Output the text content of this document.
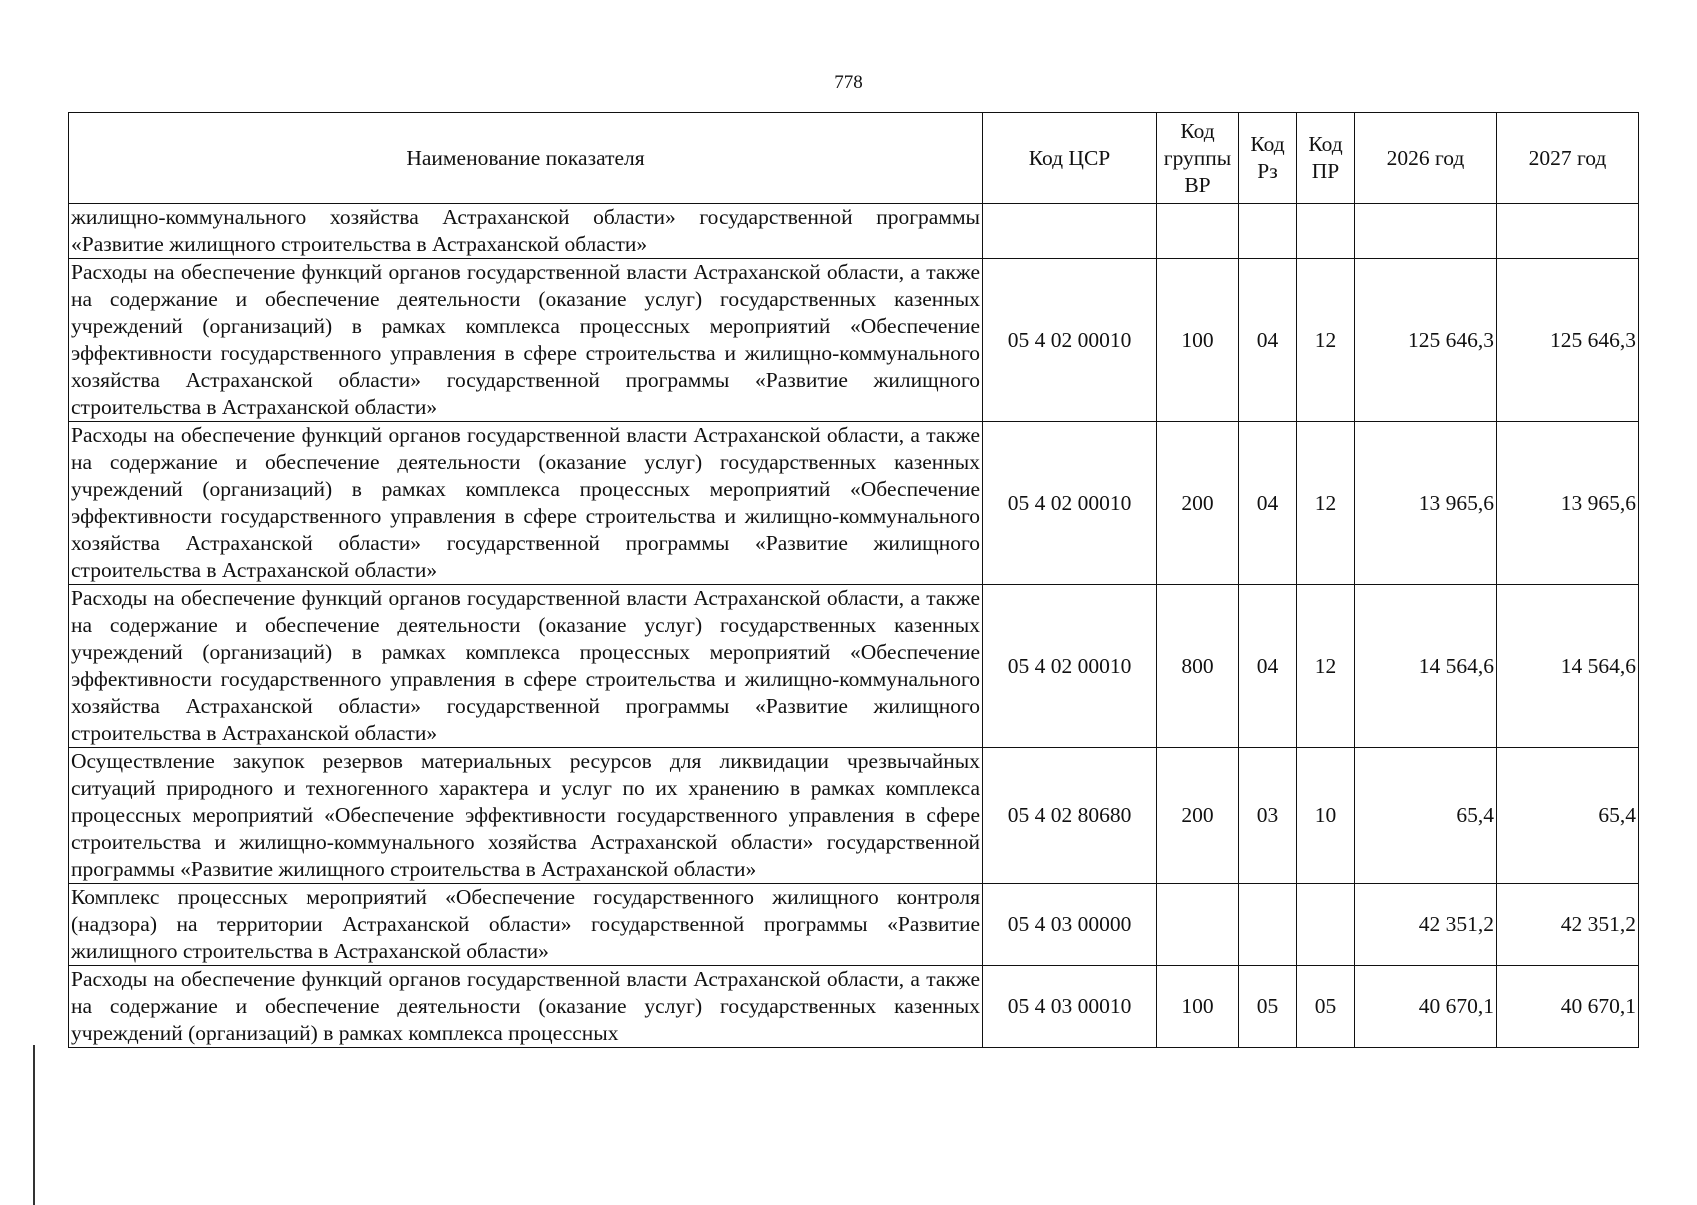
778
Наименование показателя	Код ЦСР	Код группы ВР	Код Рз	Код ПР	2026 год	2027 год
жилищно-коммунального хозяйства Астраханской области» государственной программы «Развитие жилищного строительства в Астраханской области»						
Расходы на обеспечение функций органов государственной власти Астраханской области, а также на содержание и обеспечение деятельности (оказание услуг) государственных казенных учреждений (организаций) в рамках комплекса процессных мероприятий «Обеспечение эффективности государственного управления в сфере строительства и жилищно-коммунального хозяйства Астраханской области» государственной программы «Развитие жилищного строительства в Астраханской области»	05 4 02 00010	100	04	12	125 646,3	125 646,3
Расходы на обеспечение функций органов государственной власти Астраханской области, а также на содержание и обеспечение деятельности (оказание услуг) государственных казенных учреждений (организаций) в рамках комплекса процессных мероприятий «Обеспечение эффективности государственного управления в сфере строительства и жилищно-коммунального хозяйства Астраханской области» государственной программы «Развитие жилищного строительства в Астраханской области»	05 4 02 00010	200	04	12	13 965,6	13 965,6
Расходы на обеспечение функций органов государственной власти Астраханской области, а также на содержание и обеспечение деятельности (оказание услуг) государственных казенных учреждений (организаций) в рамках комплекса процессных мероприятий «Обеспечение эффективности государственного управления в сфере строительства и жилищно-коммунального хозяйства Астраханской области» государственной программы «Развитие жилищного строительства в Астраханской области»	05 4 02 00010	800	04	12	14 564,6	14 564,6
Осуществление закупок резервов материальных ресурсов для ликвидации чрезвычайных ситуаций природного и техногенного характера и услуг по их хранению в рамках комплекса процессных мероприятий «Обеспечение эффективности государственного управления в сфере строительства и жилищно-коммунального хозяйства Астраханской области» государственной программы «Развитие жилищного строительства в Астраханской области»	05 4 02 80680	200	03	10	65,4	65,4
Комплекс процессных мероприятий «Обеспечение государственного жилищного контроля (надзора) на территории Астраханской области» государственной программы «Развитие жилищного строительства в Астраханской области»	05 4 03 00000				42 351,2	42 351,2
Расходы на обеспечение функций органов государственной власти Астраханской области, а также на содержание и обеспечение деятельности (оказание услуг) государственных казенных учреждений (организаций) в рамках комплекса процессных	05 4 03 00010	100	05	05	40 670,1	40 670,1
